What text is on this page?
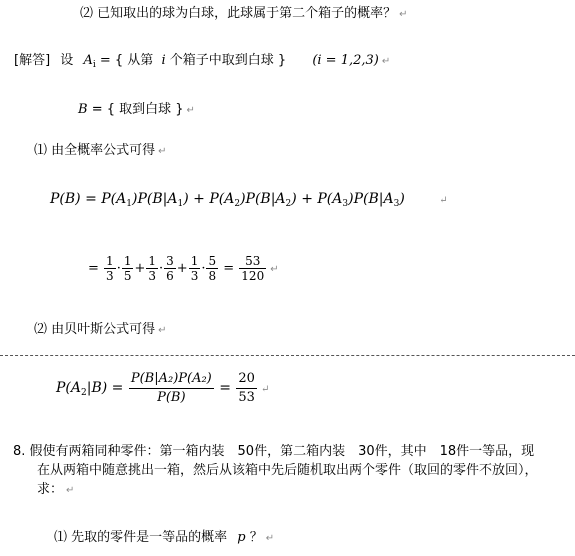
⑵ 已知取出的球为白球，此球属于第二个箱子的概率？ ↵
[解答] 设 $A_i$ = { 从第 i 个箱子中取到白球 } (i = 1,2,3) ↵
B = { 取到白球 } ↵
⑴ 由全概率公式可得 ↵
$P(B) = P(A_1)P(B|A_1) + P(A_2)P(B|A_2) + P(A_3)P(B|A_3)$	↵
= $\frac{1}{3} \cdot \frac{1}{5} + \frac{1}{3} \cdot \frac{3}{6} + \frac{1}{3} \cdot \frac{5}{8} = \frac{53}{120}$ ↵
⑵ 由贝叶斯公式可得 ↵
$P(A_2|B) = \frac{\text{P(B|A₂)P(A₂)}}{P(B)} = \frac{20}{53}$ ↵
8. 假使有两箱同种零件：第一箱内装　50件，第二箱内装　30件，其中　18件一等品，现
在从两箱中随意挑出一箱，然后从该箱中先后随机取出两个零件（取回的零件不放回），
求： ↵
⑴ 先取的零件是一等品的概率 p ？ ↵
